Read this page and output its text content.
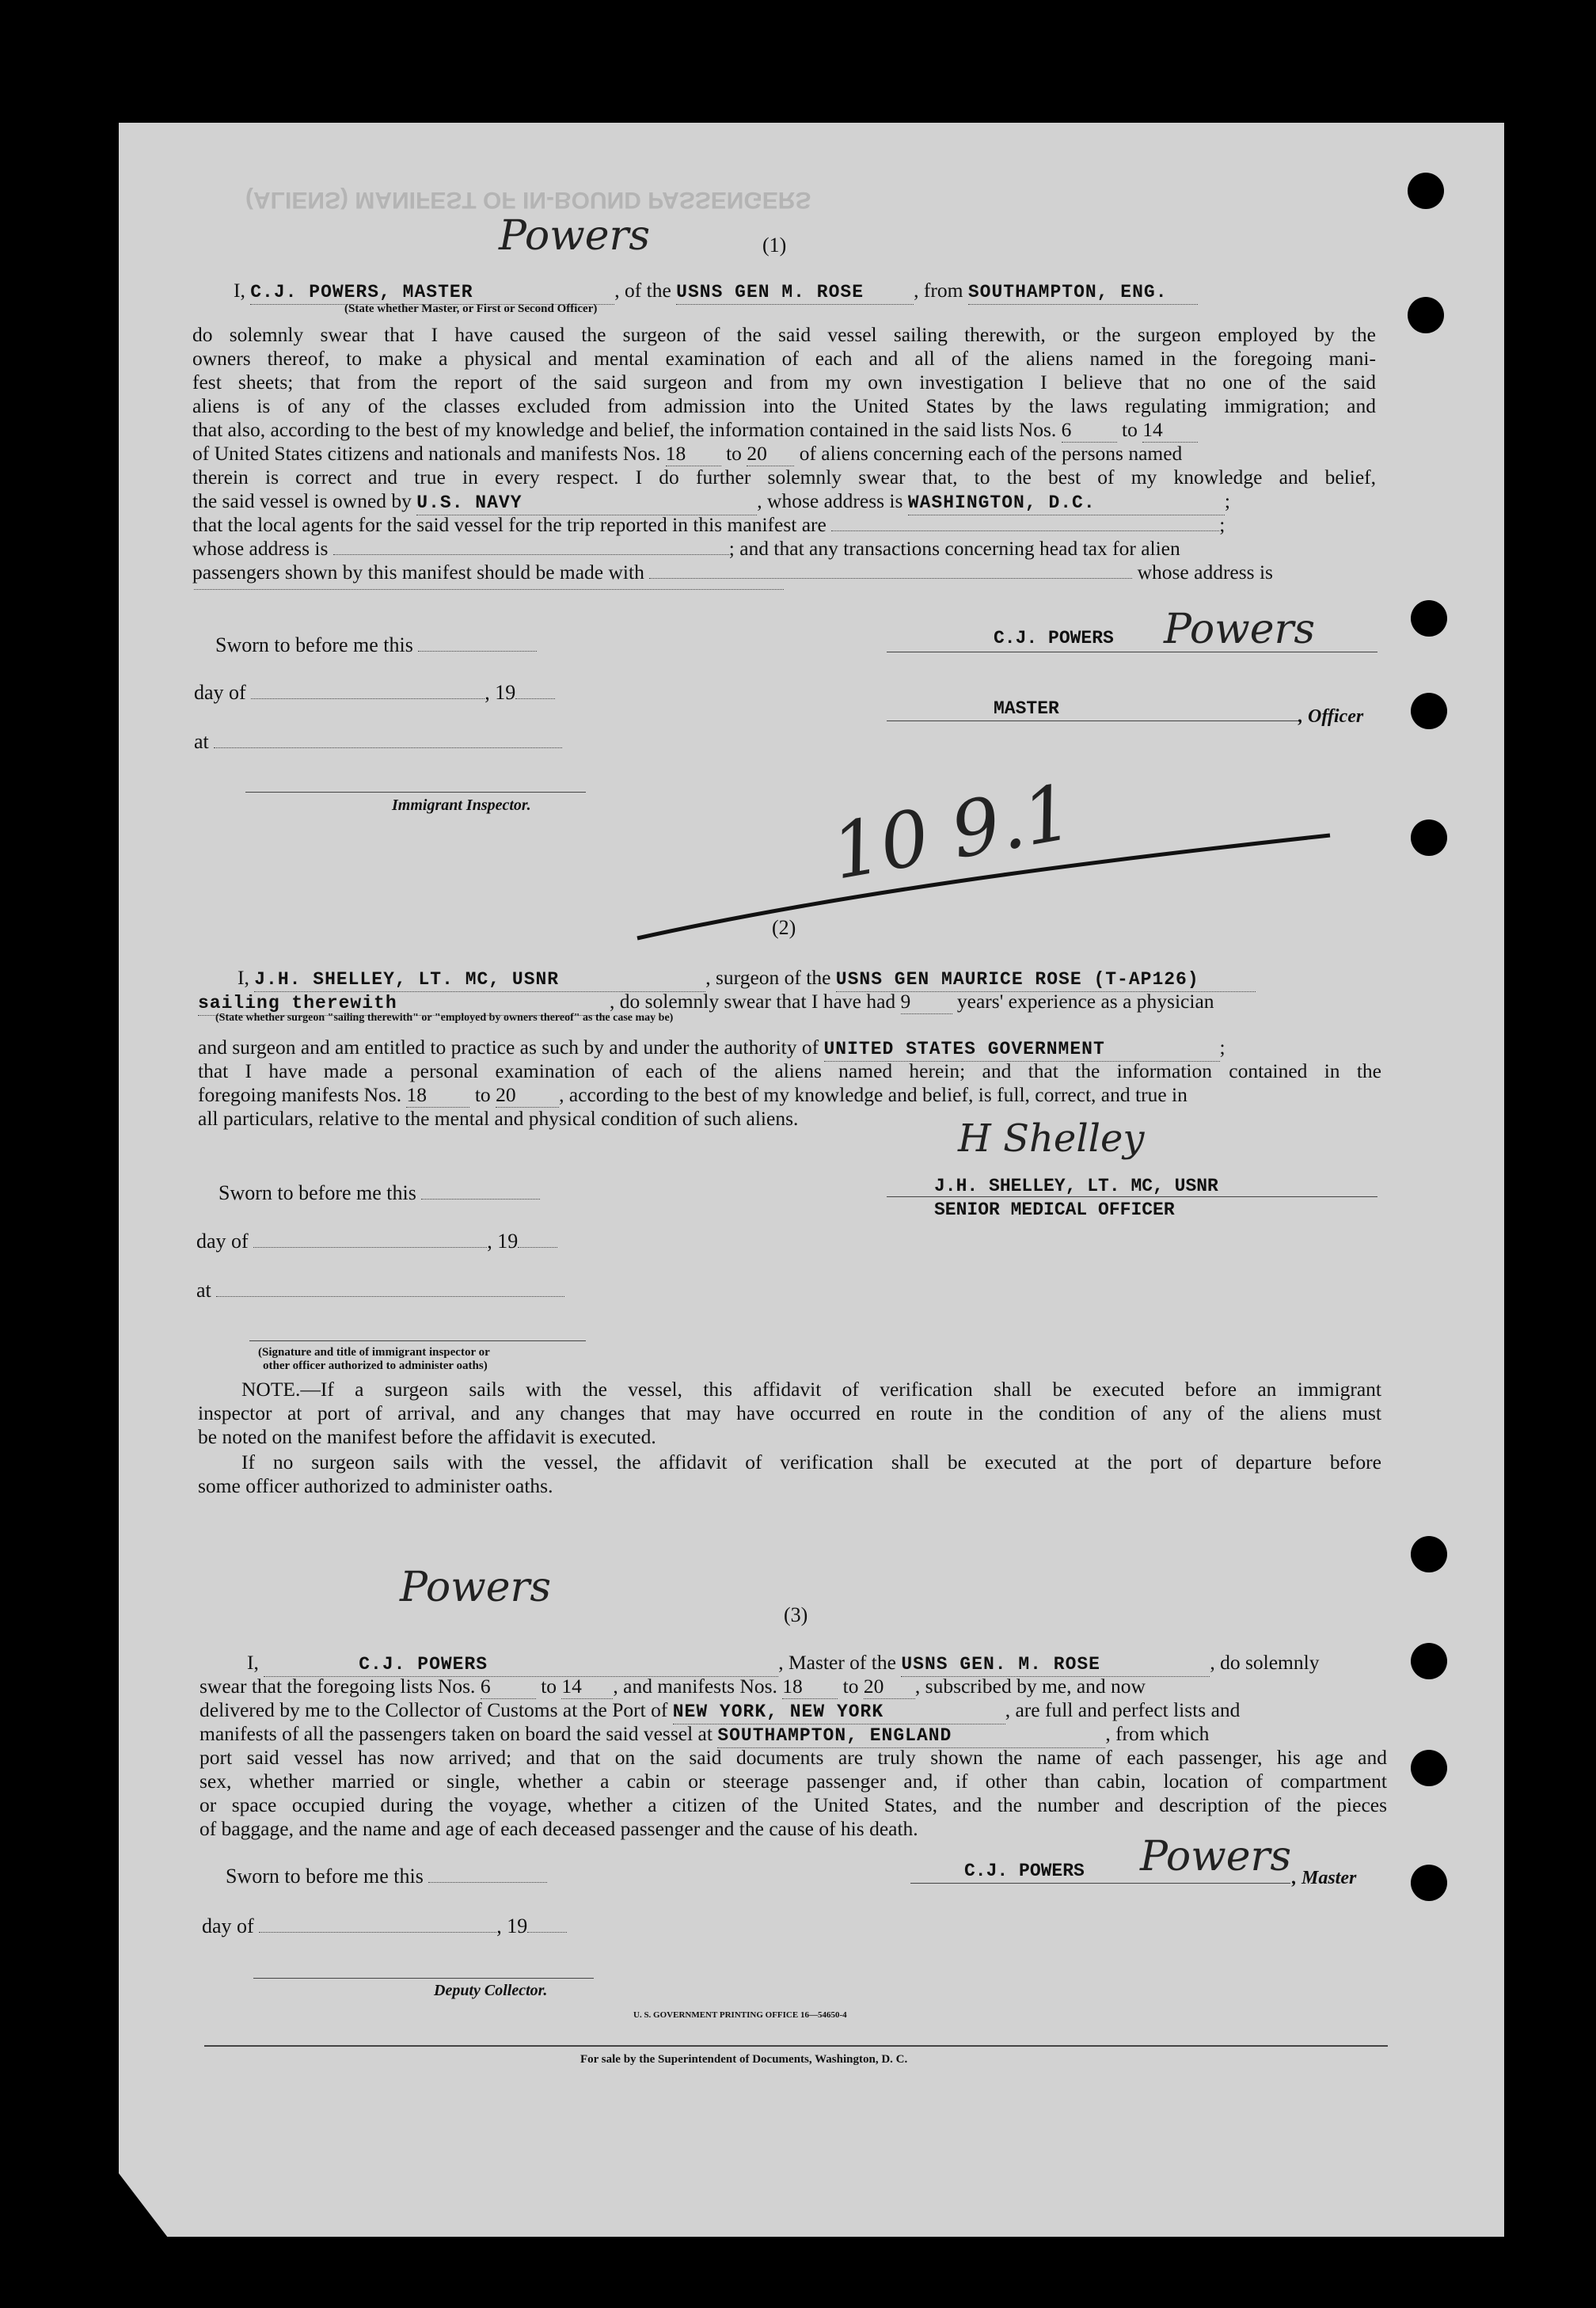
(ALIENS) MANIFEST OF IN-BOUND PASSENGERS
(1)
I, C.J. POWERS, MASTER	, of the USNS GEN M. ROSE , from SOUTHAMPTON, ENG.
Powers
(State whether Master, or First or Second Officer)
do solemnly swear that I have caused the surgeon of the said vessel sailing therewith, or the surgeon employed by the
owners thereof, to make a physical and mental examination of each and all of the aliens named in the foregoing mani-
fest sheets; that from the report of the said surgeon and from my own investigation I believe that no one of the said
aliens is of any of the classes excluded from admission into the United States by the laws regulating immigration; and
that also, according to the best of my knowledge and belief, the information contained in the said lists Nos. 6 to 14
of United States citizens and nationals and manifests Nos. 18 to 20 of aliens concerning each of the persons named
therein is correct and true in every respect. I do further solemnly swear that, to the best of my knowledge and belief,
the said vessel is owned by U.S. NAVY	, whose address is WASHINGTON, D.C.	;
that the local agents for the said vessel for the trip reported in this manifest are	;
whose address is	; and that any transactions concerning head tax for alien
passengers shown by this manifest should be made with	whose address is
Sworn to before me this
day of	, 19
at
Immigrant Inspector.
C.J. POWERS Powers
MASTER	, Officer
10 9.1
(2)
I, J.H. SHELLEY, LT. MC, USNR	, surgeon of the USNS GEN MAURICE ROSE (T-AP126)
sailing therewith	, do solemnly swear that I have had 9 years' experience as a physician
(State whether surgeon "sailing therewith" or "employed by owners thereof" as the case may be)
and surgeon and am entitled to practice as such by and under the authority of UNITED STATES GOVERNMENT	;
that I have made a personal examination of each of the aliens named herein; and that the information contained in the
foregoing manifests Nos. 18 to 20 , according to the best of my knowledge and belief, is full, correct, and true in
all particulars, relative to the mental and physical condition of such aliens.	H Shelley
J.H. SHELLEY, LT. MC, USNR
SENIOR MEDICAL OFFICER
Sworn to before me this
day of	, 19
at
(Signature and title of immigrant inspector or
other officer authorized to administer oaths)
NOTE.—If a surgeon sails with the vessel, this affidavit of verification shall be executed before an immigrant
inspector at port of arrival, and any changes that may have occurred en route in the condition of any of the aliens must
be noted on the manifest before the affidavit is executed.
If no surgeon sails with the vessel, the affidavit of verification shall be executed at the port of departure before
some officer authorized to administer oaths.
(3)
Powers
I,	C.J. POWERS	, Master of the USNS GEN. M. ROSE	, do solemnly
swear that the foregoing lists Nos. 6 to 14 , and manifests Nos. 18 to 20 , subscribed by me, and now
delivered by me to the Collector of Customs at the Port of NEW YORK, NEW YORK	, are full and perfect lists and
manifests of all the passengers taken on board the said vessel at SOUTHAMPTON, ENGLAND	, from which
port said vessel has now arrived; and that on the said documents are truly shown the name of each passenger, his age and
sex, whether married or single, whether a cabin or steerage passenger and, if other than cabin, location of compartment
or space occupied during the voyage, whether a citizen of the United States, and the number and description of the pieces
of baggage, and the name and age of each deceased passenger and the cause of his death.
Sworn to before me this
day of	, 19
Deputy Collector.
C.J. POWERS Powers , Master
U. S. GOVERNMENT PRINTING OFFICE 16—54650-4
For sale by the Superintendent of Documents, Washington, D. C.
